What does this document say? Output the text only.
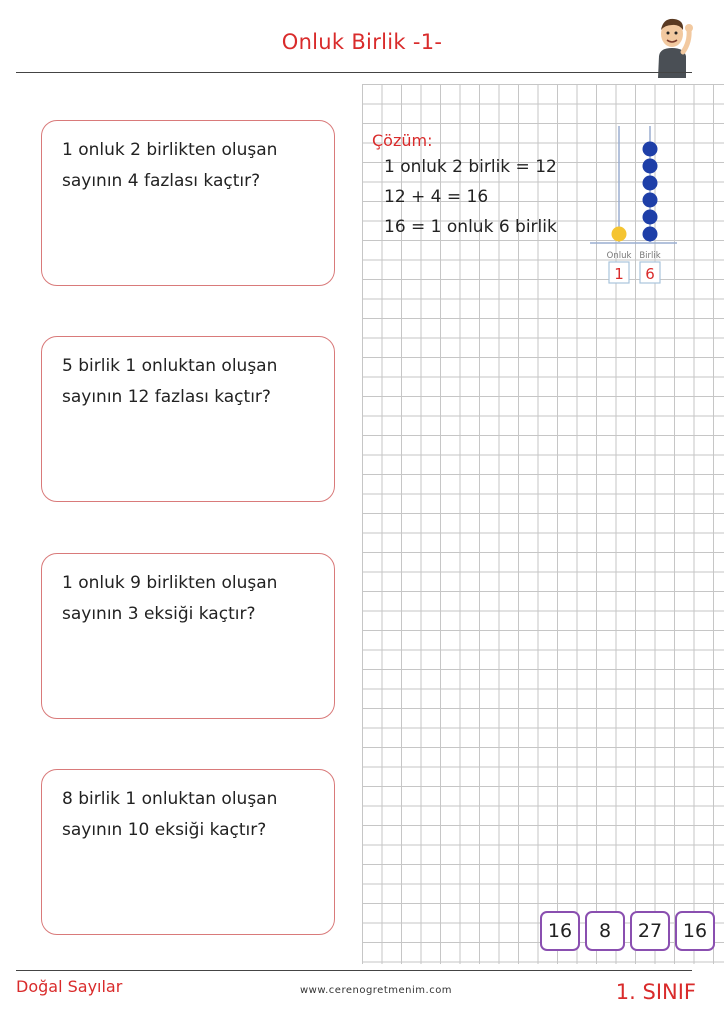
Onluk Birlik -1-

1 onluk 2 birlikten oluşan

sayının 4 fazlası kaçtır?

5 birlik 1 onluktan oluşan

sayının 12 fazlası kaçtır?

1 onluk 9 birlikten oluşan

sayının 3 eksiği kaçtır?

8 birlik 1 onluktan oluşan

sayının 10 eksiği kaçtır?

Çözüm:
1 onluk 2 birlik = 12
12 + 4 = 16
16 = 1 onluk 6 birlik
Onluk Birlik
1 6
16	8	27	16
Doğal Sayılar	www.cerenogretmenim.com	1. SINIF
